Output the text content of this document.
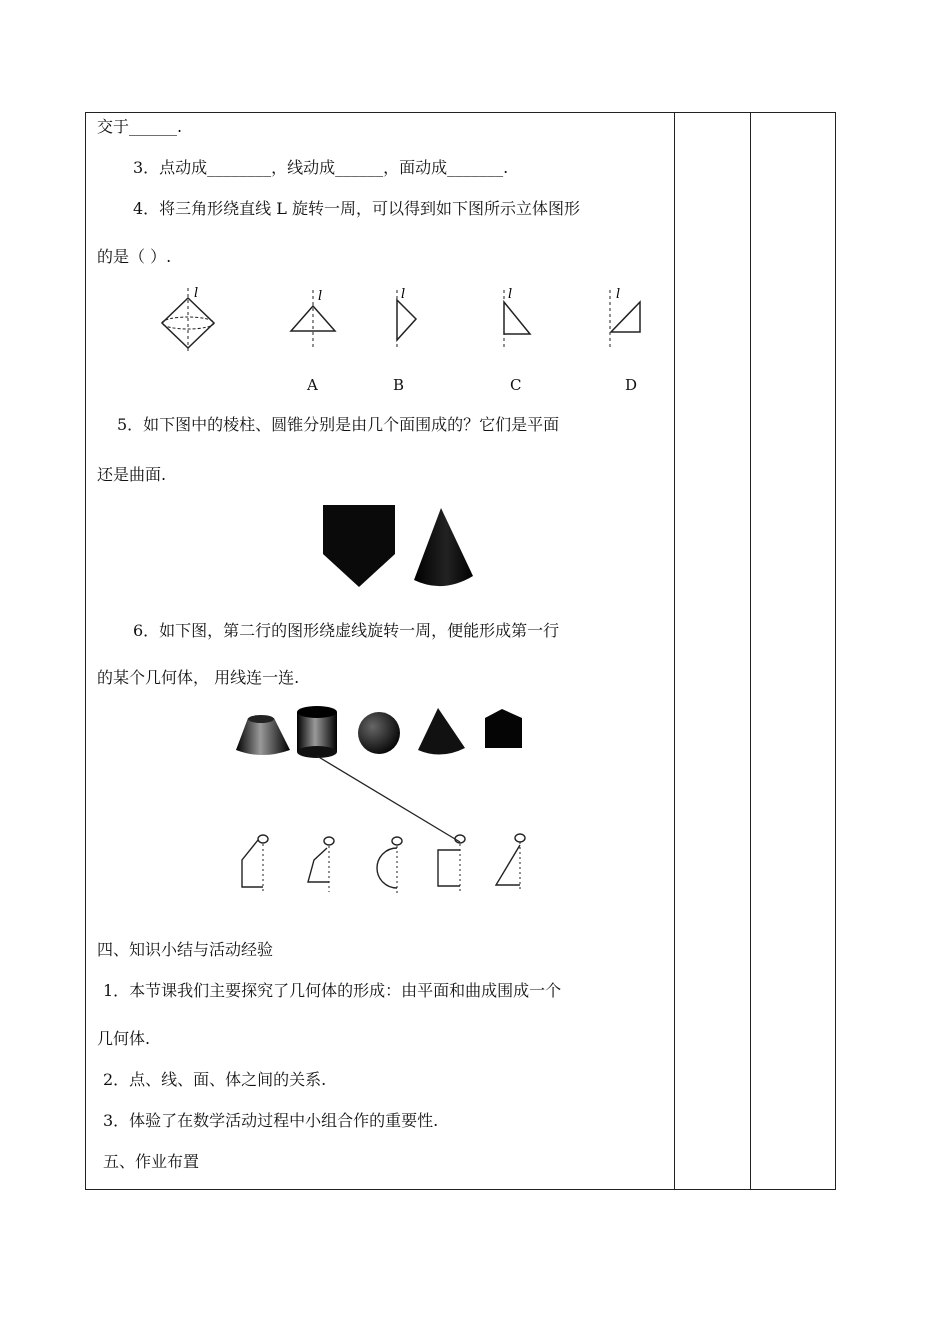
交于______.
3．点动成________，线动成______，面动成_______.
4．将三角形绕直线 L 旋转一周，可以得到如下图所示立体图形
的是（ ）.
l	l	l	l	l
A	B	C	D
5．如下图中的棱柱、圆锥分别是由几个面围成的？它们是平面
还是曲面.
6．如下图，第二行的图形绕虚线旋转一周，便能形成第一行
的某个几何体， 用线连一连.
四、知识小结与活动经验
1．本节课我们主要探究了几何体的形成：由平面和曲成围成一个
几何体.
2．点、线、面、体之间的关系.
3．体验了在数学活动过程中小组合作的重要性.
五、作业布置
